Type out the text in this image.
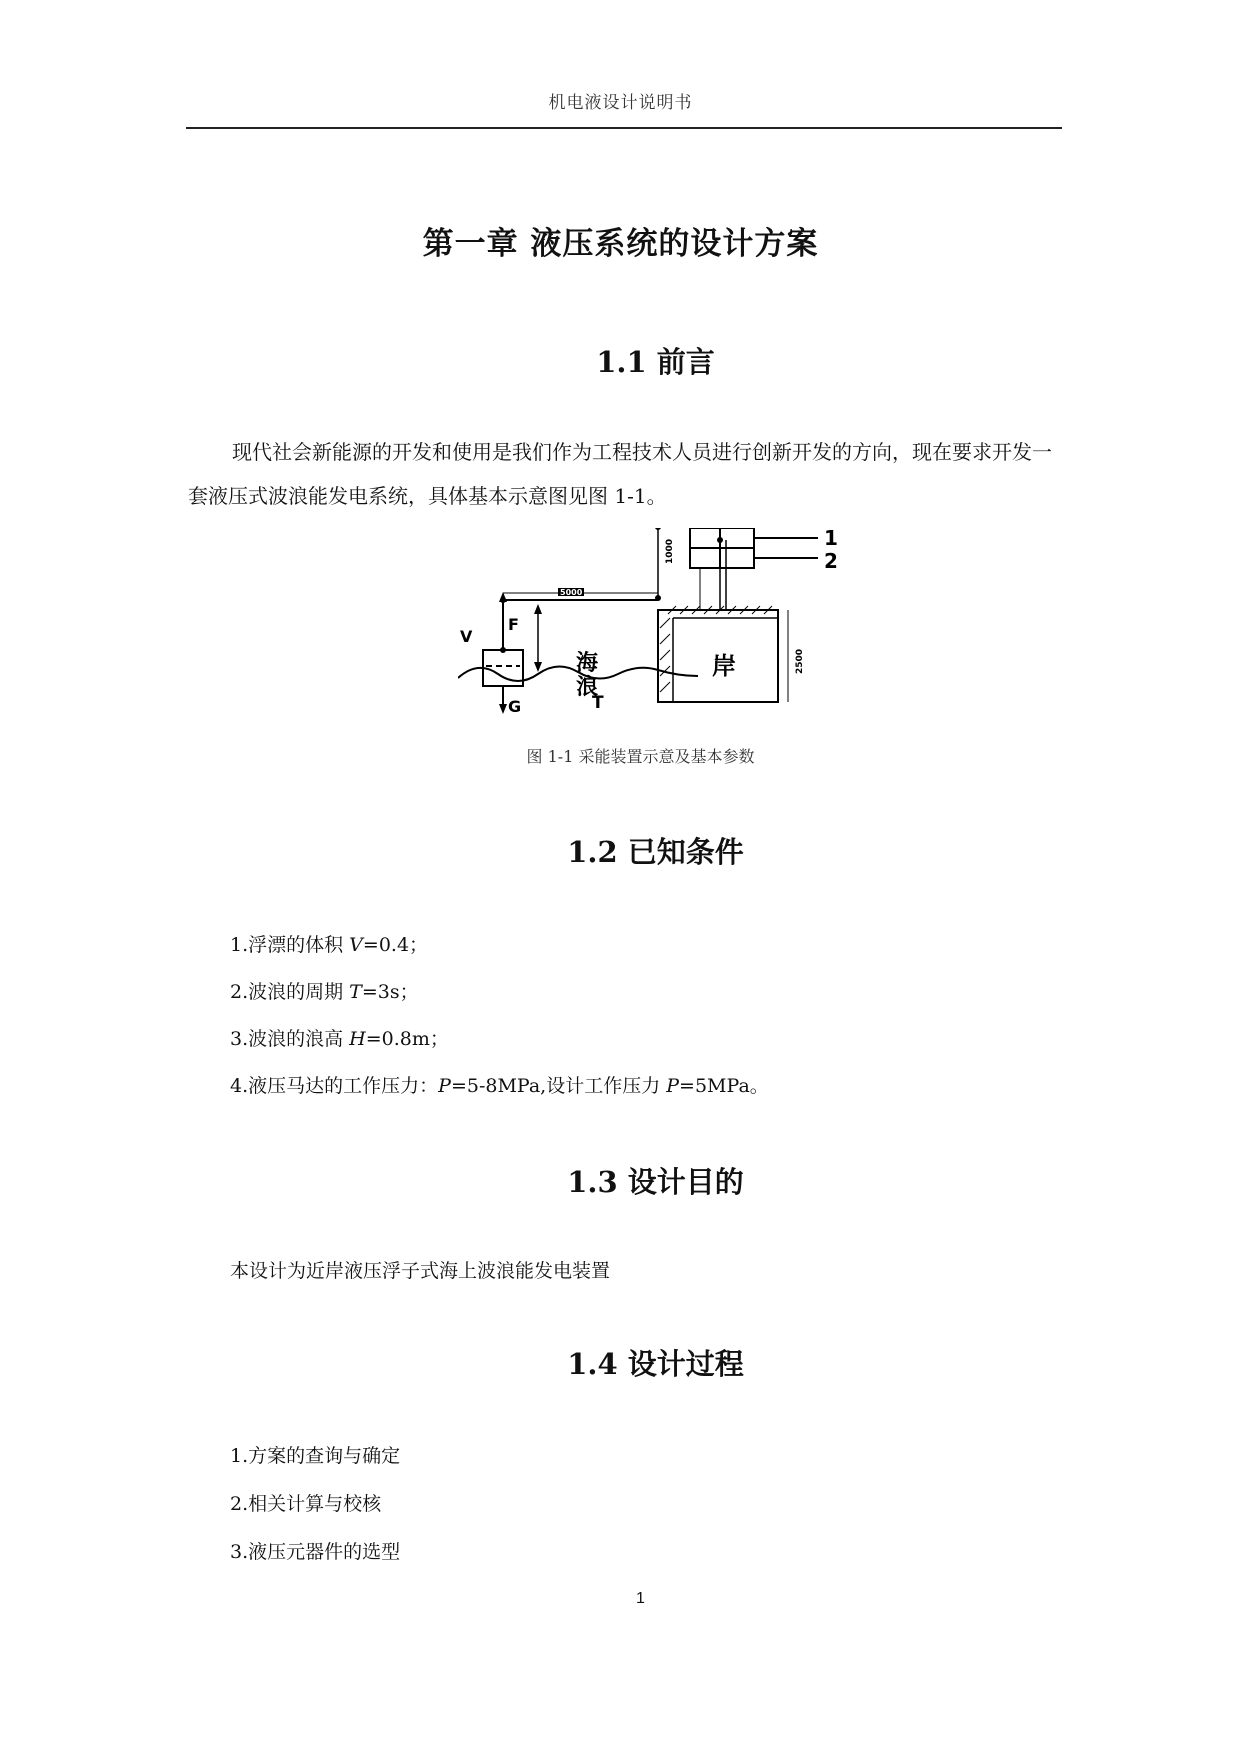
机电液设计说明书
第一章 液压系统的设计方案
1.1 前言
现代社会新能源的开发和使用是我们作为工程技术人员进行创新开发的方向，现在要求开发一套液压式波浪能发电系统，具体基本示意图见图 1-1。
V
F
G	T
海
浪
岸
1
2
5000
1000
2500
图 1-1 采能装置示意及基本参数
1.2 已知条件
1.浮漂的体积 V=0.4；
2.波浪的周期 T=3s；
3.波浪的浪高 H=0.8m；
4.液压马达的工作压力：P=5-8MPa,设计工作压力 P=5MPa。
1.3 设计目的
本设计为近岸液压浮子式海上波浪能发电装置
1.4 设计过程
1.方案的查询与确定
2.相关计算与校核
3.液压元器件的选型
1
